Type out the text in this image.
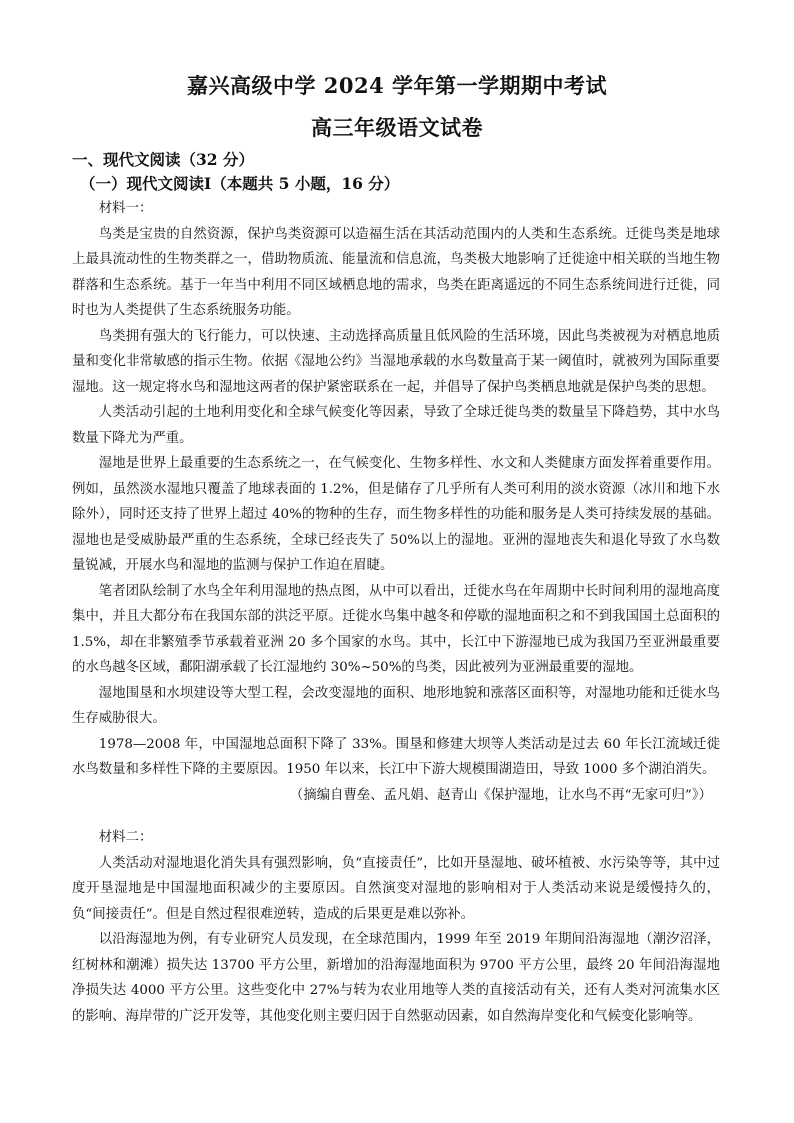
嘉兴高级中学 2024 学年第一学期期中考试
高三年级语文试卷
一、现代文阅读（32 分）
（一）现代文阅读Ⅰ（本题共 5 小题，16 分）

材料一：

鸟类是宝贵的自然资源，保护鸟类资源可以造福生活在其活动范围内的人类和生态系统。迁徙鸟类是地球上最具流动性的生物类群之一，借助物质流、能量流和信息流，鸟类极大地影响了迁徙途中相关联的当地生物群落和生态系统。基于一年当中利用不同区域栖息地的需求，鸟类在距离遥远的不同生态系统间进行迁徙，同时也为人类提供了生态系统服务功能。

鸟类拥有强大的飞行能力，可以快速、主动选择高质量且低风险的生活环境，因此鸟类被视为对栖息地质量和变化非常敏感的指示生物。依据《湿地公约》当湿地承载的水鸟数量高于某一阈值时，就被列为国际重要湿地。这一规定将水鸟和湿地这两者的保护紧密联系在一起，并倡导了保护鸟类栖息地就是保护鸟类的思想。

人类活动引起的土地利用变化和全球气候变化等因素，导致了全球迁徙鸟类的数量呈下降趋势，其中水鸟数量下降尤为严重。

湿地是世界上最重要的生态系统之一，在气候变化、生物多样性、水文和人类健康方面发挥着重要作用。例如，虽然淡水湿地只覆盖了地球表面的 1.2%，但是储存了几乎所有人类可利用的淡水资源（冰川和地下水除外），同时还支持了世界上超过 40%的物种的生存，而生物多样性的功能和服务是人类可持续发展的基础。湿地也是受威胁最严重的生态系统，全球已经丧失了 50%以上的湿地。亚洲的湿地丧失和退化导致了水鸟数量锐减，开展水鸟和湿地的监测与保护工作迫在眉睫。

笔者团队绘制了水鸟全年利用湿地的热点图，从中可以看出，迁徙水鸟在年周期中长时间利用的湿地高度集中，并且大都分布在我国东部的洪泛平原。迁徙水鸟集中越冬和停歇的湿地面积之和不到我国国土总面积的 1.5%，却在非繁殖季节承载着亚洲 20 多个国家的水鸟。其中，长江中下游湿地已成为我国乃至亚洲最重要的水鸟越冬区域，鄱阳湖承载了长江湿地约 30%~50%的鸟类，因此被列为亚洲最重要的湿地。

湿地围垦和水坝建设等大型工程，会改变湿地的面积、地形地貌和涨落区面积等，对湿地功能和迁徙水鸟生存威胁很大。

1978—2008 年，中国湿地总面积下降了 33%。围垦和修建大坝等人类活动是过去 60 年长江流域迁徙水鸟数量和多样性下降的主要原因。1950 年以来，长江中下游大规模围湖造田，导致 1000 多个湖泊消失。

（摘编自曹垒、孟凡娟、赵青山《保护湿地，让水鸟不再“无家可归”》）

材料二：

人类活动对湿地退化消失具有强烈影响，负“直接责任”，比如开垦湿地、破坏植被、水污染等等，其中过度开垦湿地是中国湿地面积减少的主要原因。自然演变对湿地的影响相对于人类活动来说是缓慢持久的，负“间接责任”。但是自然过程很难逆转，造成的后果更是难以弥补。

以沿海湿地为例，有专业研究人员发现，在全球范围内，1999 年至 2019 年期间沿海湿地（潮汐沼泽，红树林和潮滩）损失达 13700 平方公里，新增加的沿海湿地面积为 9700 平方公里，最终 20 年间沿海湿地净损失达 4000 平方公里。这些变化中 27%与转为农业用地等人类的直接活动有关，还有人类对河流集水区的影响、海岸带的广泛开发等，其他变化则主要归因于自然驱动因素，如自然海岸变化和气候变化影响等。
